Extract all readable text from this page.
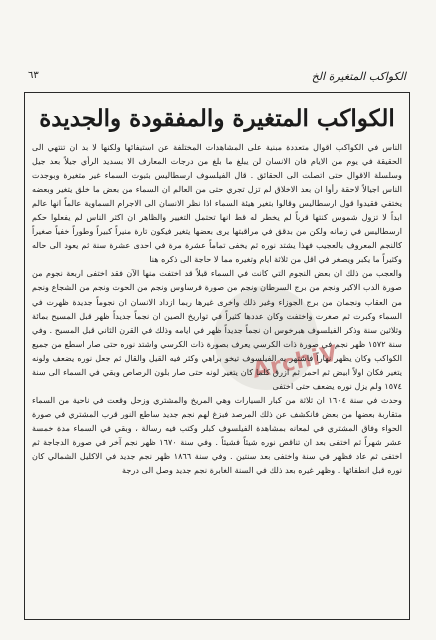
الكواكب المتغيرة الخ
٦٣
الكواكب المتغيرة والمفقودة والجديدة
ArchiV

الناس في الكواكب اقوال متعددة مبنية على المشاهدات المختلفة عن استيفائها ولكنها لا بد ان تنتهي الى الحقيقة في يوم من الايام فان الانسان لن يبلغ ما بلغ من درجات المعارف الا بسديد الرأي جيلاً بعد جيل وسلسلة الاقوال حتى اتصلت الى الحقائق . قال الفيلسوف ارسطاليس بثبوت السماء غير متغيرة وبوجدت الناس اجيالاً لاحقة رأوا ان بعد الاخلاق لم تزل تجري حتى من العالم ان السماء من بعض ما خلق يتغير وبعضه يختفي فقيدوا قول ارسطاليس وقالوا بتغير هيئة السماء اذا نظر الانسان الى الاجرام السماوية عالماً انها عالم ابداً لا تزول شموس كنتها قرباً لم يخطر له قط انها تحتمل التغيير والظاهر ان اكثر الناس لم يفعلوا حكم ارسطاليس في زمانه ولكن من بدقق في مراقبتها يرى بعضها يتغير فيكون تارة منيراً كبيراً وطوراً خفياً صغيراً كالنجم المعروف بالعجيب فهذا يشتد نوره ثم يخفى تماماً عشرة مرة في احدى عشرة سنة ثم يعود الى حاله وكثيراً ما يكبر ويصغر في اقل من ثلاثة ايام وتغيره مما لا حاجة الى ذكره هنا

والعجب من ذلك ان بعض النجوم التي كانت في السماء قبلاً قد اختفت منها الآن فقد اختفى اربعة نجوم من صورة الدب الاكبر ونجم من برج السرطان ونجم من صورة فرساوس ونجم من الحوت ونجم من الشجاع ونجم من العقاب ونجمان من برج الجوزاء وغير ذلك واخرى غيرها ربما ازداد الانسان ان نجوماً جديدة ظهرت في السماء وكبرت ثم صغرت واختفت وكان عددها كثيراً في تواريخ الصين ان نجماً جديداً ظهر قبل المسيح بمائة وثلاثين سنة وذكر الفيلسوف هبرخوس ان نجماً جديداً ظهر في ايامه وذلك في القرن الثاني قبل المسيح . وفي سنة ١٥٧٢ ظهر نجم في صورة ذات الكرسي يعرف بصورة ذات الكرسي واشتد نوره حتى صار اسطع من جميع الكواكب وكان يظهر نهاراً فاشتهر به الفيلسوف تيخو براهي وكثر فيه القيل والقال ثم جعل نوره يضعف ولونه يتغير فكان اولاً ابيض ثم احمر ثم ازرق كلما كان يتغير لونه حتى صار بلون الرصاص وبقي في السماء الى سنة ١٥٧٤ ولم يزل نوره يضعف حتى اختفى

وحدث في سنة ١٦٠٤ ان ثلاثة من كبار السيارات وهي المريخ والمشتري وزحل وقعت في ناحية من السماء متقاربة بعضها من بعض فانكشف عن ذلك المرصد فبزغ لهم نجم جديد ساطع النور قرب المشتري في صورة الحواء وفاق المشتري في لمعانه بمشاهدة الفيلسوف كبلر وكتب فيه رسالة ، وبقي في السماء مدة خمسة عشر شهراً ثم اختفى بعد ان تناقص نوره شيئاً فشيئاً . وفي سنة ١٦٧٠ ظهر نجم آخر في صورة الدجاجة ثم اختفى ثم عاد فظهر في سنة واختفى بعد سنتين . وفي سنة ١٨٦٦ ظهر نجم جديد في الاكليل الشمالي كان نوره قبل انطفائها . وظهر غيره بعد ذلك في السنة الغابرة نجم جديد وصل الى درجة
